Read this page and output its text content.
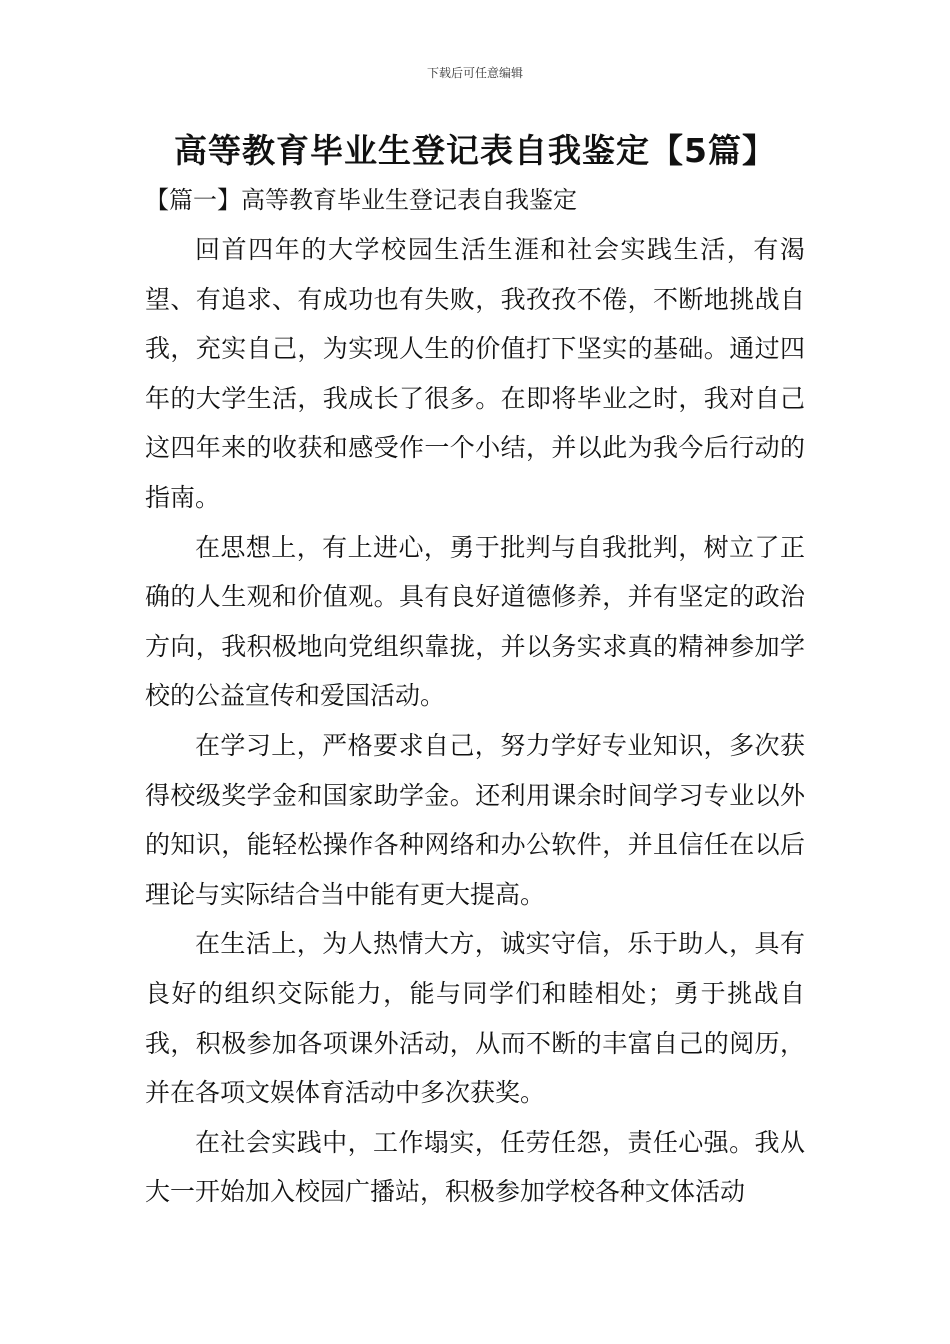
下载后可任意编辑
高等教育毕业生登记表自我鉴定【5篇】
【篇一】高等教育毕业生登记表自我鉴定

回首四年的大学校园生活生涯和社会实践生活，有渴望、有追求、有成功也有失败，我孜孜不倦，不断地挑战自我，充实自己，为实现人生的价值打下坚实的基础。通过四年的大学生活，我成长了很多。在即将毕业之时，我对自己这四年来的收获和感受作一个小结，并以此为我今后行动的指南。

在思想上，有上进心，勇于批判与自我批判，树立了正确的人生观和价值观。具有良好道德修养，并有坚定的政治方向，我积极地向党组织靠拢，并以务实求真的精神参加学校的公益宣传和爱国活动。

在学习上，严格要求自己，努力学好专业知识，多次获得校级奖学金和国家助学金。还利用课余时间学习专业以外的知识，能轻松操作各种网络和办公软件，并且信任在以后理论与实际结合当中能有更大提高。

在生活上，为人热情大方，诚实守信，乐于助人，具有良好的组织交际能力，能与同学们和睦相处；勇于挑战自我，积极参加各项课外活动，从而不断的丰富自己的阅历，并在各项文娱体育活动中多次获奖。

在社会实践中，工作塌实，任劳任怨，责任心强。我从大一开始加入校园广播站，积极参加学校各种文体活动
